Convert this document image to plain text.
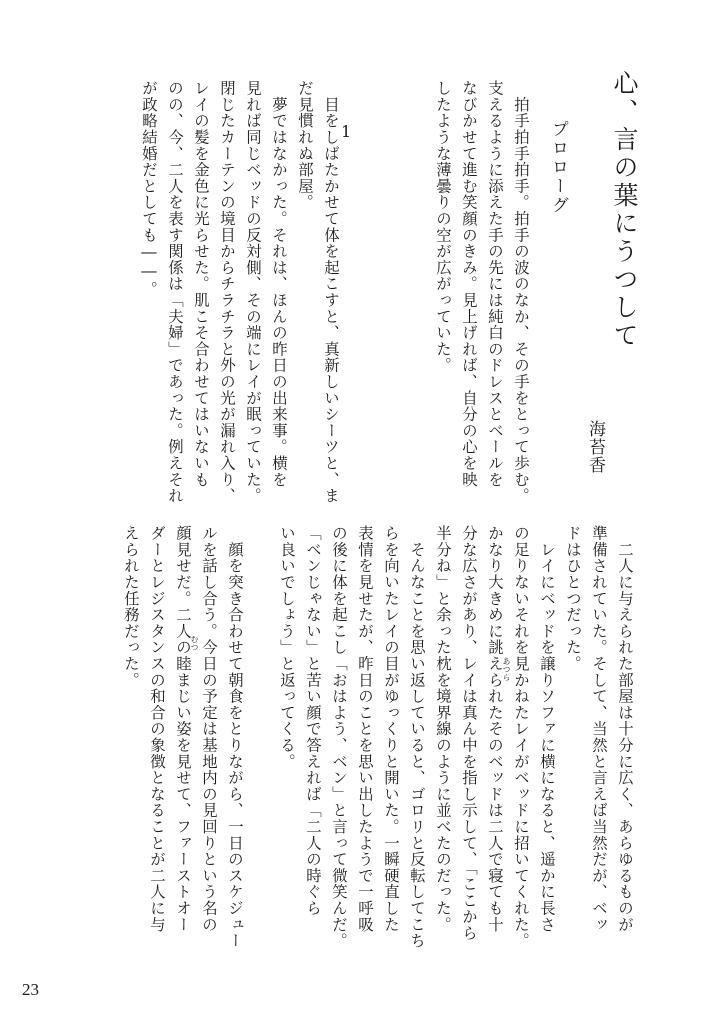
心、言の葉にうつして
海苔香
プロローグ
　拍手拍手拍手。拍手の波のなか、その手をとって歩む。
支えるように添えた手の先には純白のドレスとベールを
なびかせて進む笑顔のきみ。見上げれば、自分の心を映
したような薄曇りの空が広がっていた。
1
　目をしばたかせて体を起こすと、真新しいシーツと、ま
だ見慣れぬ部屋。
　夢ではなかった。それは、ほんの昨日の出来事。横を
見れば同じベッドの反対側、その端にレイが眠っていた。
閉じたカーテンの境目からチラチラと外の光が漏れ入り、
レイの髪を金色に光らせた。肌こそ合わせてはいないも
のの、今、二人を表す関係は「夫婦」であった。例えそれ
が政略結婚だとしても――。
　二人に与えられた部屋は十分に広く、あらゆるものが
準備されていた。そして、当然と言えば当然だが、ベッ
ドはひとつだった。
　レイにベッドを譲りソファに横になると、遥かに長さ
の足りないそれを見かねたレイがベッドに招いてくれた。
かなり大きめに誂えられたそのベッドは二人で寝ても十
分な広さがあり、レイは真ん中を指し示して、「ここから
半分ね」と余った枕を境界線のように並べたのだった。
　そんなことを思い返していると、ゴロリと反転してこち
らを向いたレイの目がゆっくりと開いた。一瞬硬直した
表情を見せたが、昨日のことを思い出したようで一呼吸
の後に体を起こし「おはよう、ベン」と言って微笑んだ。
「ベンじゃない」と苦い顔で答えれば「二人の時ぐら
い良いでしょう」と返ってくる。
　顔を突き合わせて朝食をとりながら、一日のスケジュー
ルを話し合う。今日の予定は基地内の見回りという名の
顔見せだ。二人の睦まじい姿を見せて、ファーストオー
ダーとレジスタンスの和合の象徴となることが二人に与
えられた任務だった。	あつら
むつ
23
